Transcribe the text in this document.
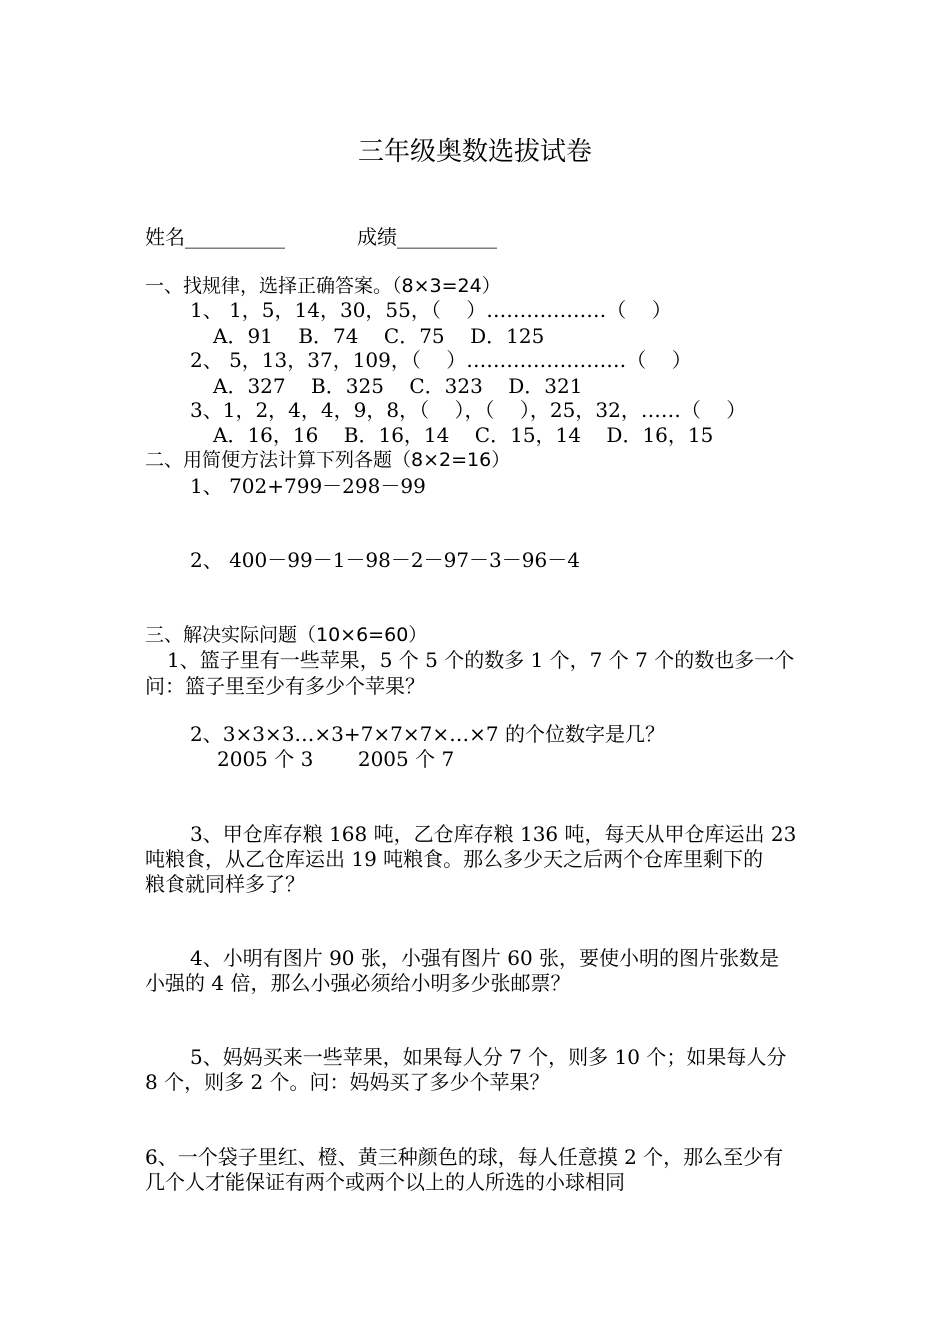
三年级奥数选拔试卷
姓名__________	成绩__________
一、找规律，选择正确答案。（8×3=24）
1、 1，5，14，30，55，（    ）………………（    ）
A．91    B．74    C．75    D．125
2、 5，13，37，109，（    ）……………………（    ）
A．327    B．325    C．323    D．321
3、1，2，4，4，9，8，（    ），（    ），25，32，……（    ）
A．16，16    B．16，14    C．15，14    D．16，15
二、用简便方法计算下列各题（8×2=16）
1、 702+799－298－99
2、 400－99－1－98－2－97－3－96－4
三、解决实际问题（10×6=60）
1、篮子里有一些苹果，5 个 5 个的数多 1 个，7 个 7 个的数也多一个
问：篮子里至少有多少个苹果？
2、3×3×3…×3+7×7×7×…×7 的个位数字是几？
2005 个 3       2005 个 7
3、甲仓库存粮 168 吨，乙仓库存粮 136 吨，每天从甲仓库运出 23
吨粮食，从乙仓库运出 19 吨粮食。那么多少天之后两个仓库里剩下的
粮食就同样多了？
4、小明有图片 90 张，小强有图片 60 张，要使小明的图片张数是
小强的 4 倍，那么小强必须给小明多少张邮票？
5、妈妈买来一些苹果，如果每人分 7 个，则多 10 个；如果每人分
8 个，则多 2 个。问：妈妈买了多少个苹果？
6、一个袋子里红、橙、黄三种颜色的球，每人任意摸 2 个，那么至少有
几个人才能保证有两个或两个以上的人所选的小球相同
